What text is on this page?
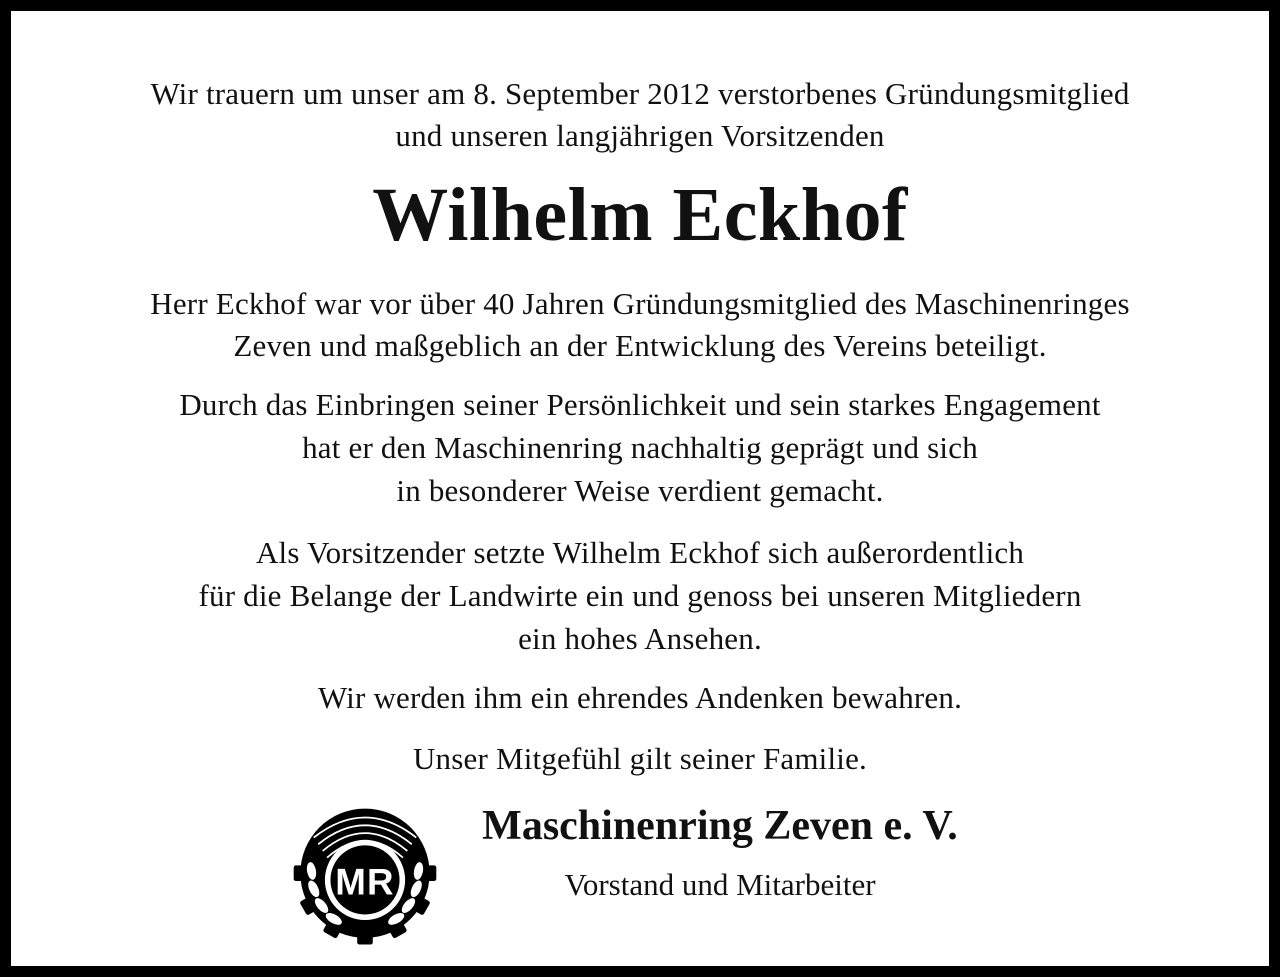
Wir trauern um unser am 8. September 2012 verstorbenes Gründungsmitglied

und unseren langjährigen Vorsitzenden

Wilhelm Eckhof

Herr Eckhof war vor über 40 Jahren Gründungsmitglied des Maschinenringes

Zeven und maßgeblich an der Entwicklung des Vereins beteiligt.

Durch das Einbringen seiner Persönlichkeit und sein starkes Engagement

hat er den Maschinenring nachhaltig geprägt und sich

in besonderer Weise verdient gemacht.

Als Vorsitzender setzte Wilhelm Eckhof sich außerordentlich

für die Belange der Landwirte ein und genoss bei unseren Mitgliedern

ein hohes Ansehen.

Wir werden ihm ein ehrendes Andenken bewahren.

Unser Mitgefühl gilt seiner Familie.

MR
Maschinenring Zeven e. V.
Vorstand und Mitarbeiter
